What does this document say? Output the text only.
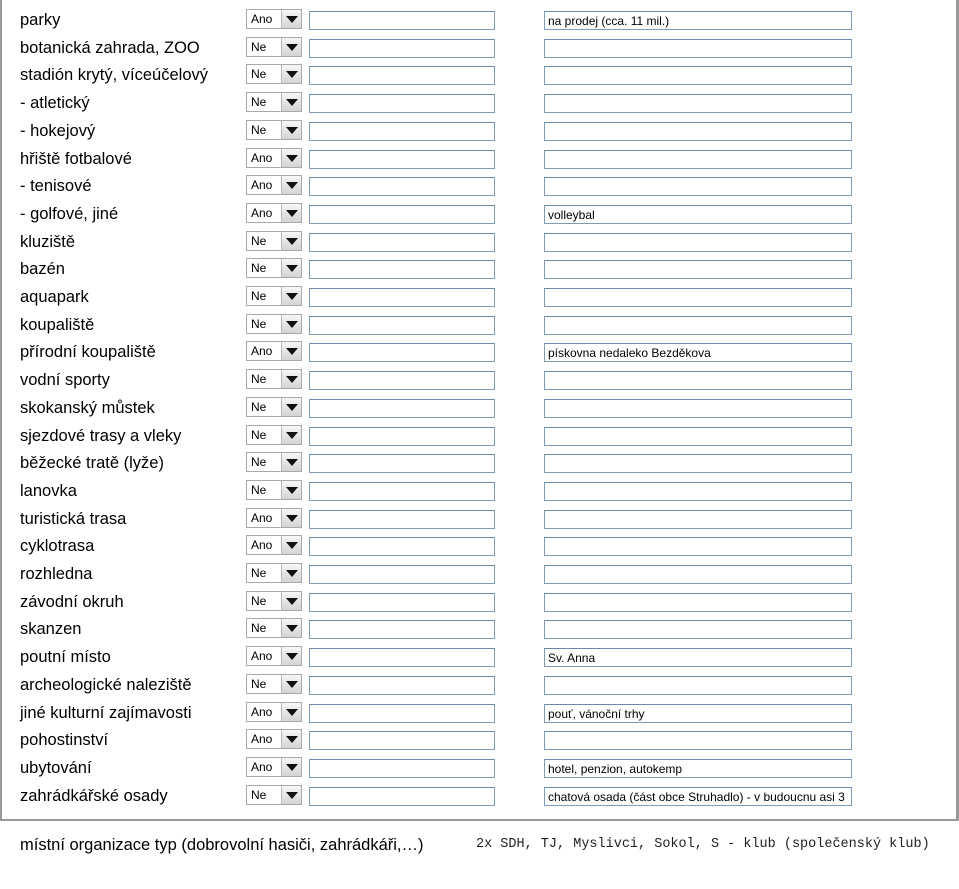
parky	Ano	na prodej (cca. 11 mil.)
botanická zahrada, ZOO	Ne
stadión krytý, víceúčelový	Ne
- atletický	Ne
- hokejový	Ne
hřiště fotbalové	Ano
- tenisové	Ano
- golfové, jiné	Ano	volleybal
kluziště	Ne
bazén	Ne
aquapark	Ne
koupaliště	Ne
přírodní koupaliště	Ano	pískovna nedaleko Bezděkova
vodní sporty	Ne
skokanský můstek	Ne
sjezdové trasy a vleky	Ne
běžecké tratě (lyže)	Ne
lanovka	Ne
turistická trasa	Ano
cyklotrasa	Ano
rozhledna	Ne
závodní okruh	Ne
skanzen	Ne
poutní místo	Ano	Sv. Anna
archeologické naleziště	Ne
jiné kulturní zajímavosti	Ano	pouť, vánoční trhy
pohostinství	Ano
ubytování	Ano	hotel, penzion, autokemp
zahrádkářské osady	Ne	chatová osada (část obce Struhadlo) - v budoucnu asi 3
místní organizace typ (dobrovolní hasiči, zahrádkáři,…)	2x SDH, TJ, Myslivci, Sokol, S - klub (společenský klub)
